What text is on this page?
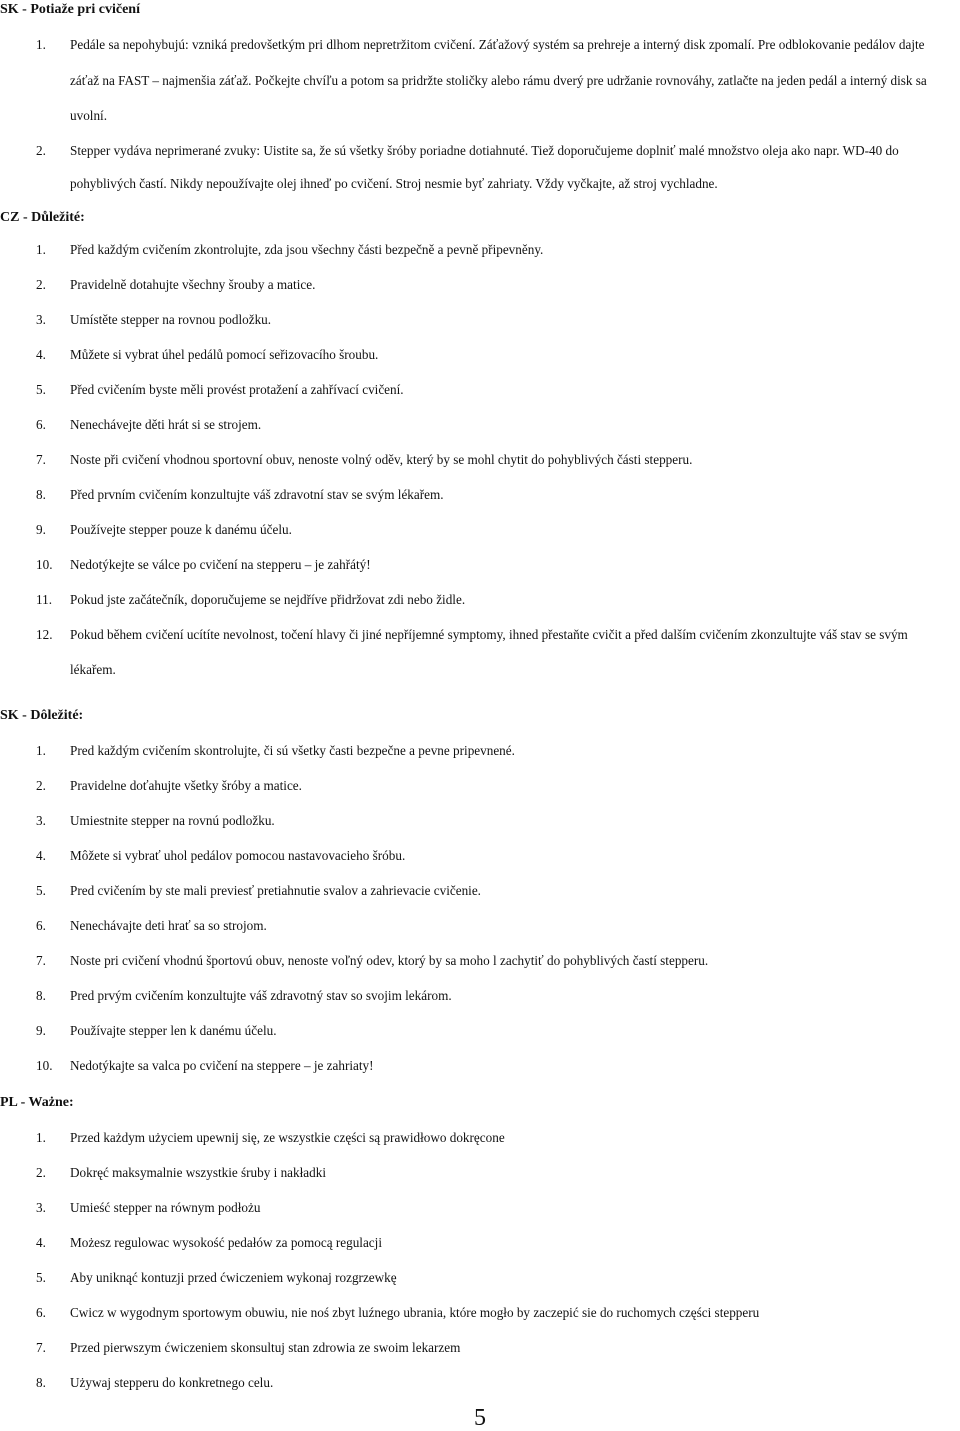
SK - Potiaže pri cvičení
1.	Pedále sa nepohybujú: vzniká predovšetkým pri dlhom nepretržitom cvičení. Záťažový systém sa prehreje a interný disk zpomalí. Pre odblokovanie pedálov dajte záťaž na FAST – najmenšia záťaž. Počkejte chvíľu a potom sa pridržte stoličky alebo rámu dverý pre udržanie rovnováhy, zatlačte na jeden pedál a interný disk sa uvolní.
2.	Stepper vydáva neprimerané zvuky: Uistite sa, že sú všetky šróby poriadne dotiahnuté. Tiež doporučujeme doplniť malé množstvo oleja ako napr. WD-40 do pohyblivých častí. Nikdy nepoužívajte olej ihneď po cvičení. Stroj nesmie byť zahriaty. Vždy vyčkajte, až stroj vychladne.
CZ - Důležité:
1.	Před každým cvičením zkontrolujte, zda jsou všechny části bezpečně a pevně připevněny.
2.	Pravidelně dotahujte všechny šrouby a matice.
3.	Umístěte stepper na rovnou podložku.
4.	Můžete si vybrat úhel pedálů pomocí seřizovacího šroubu.
5.	Před cvičením byste měli provést protažení a zahřívací cvičení.
6.	Nenechávejte děti hrát si se strojem.
7.	Noste při cvičení vhodnou sportovní obuv, nenoste volný oděv, který by se mohl chytit do pohyblivých části stepperu.
8.	Před prvním cvičením konzultujte váš zdravotní stav se svým lékařem.
9.	Používejte stepper pouze k danému účelu.
10.	Nedotýkejte se válce po cvičení na stepperu – je zahřátý!
11.	Pokud jste začátečník, doporučujeme se nejdříve přidržovat zdi nebo židle.
12.	Pokud během cvičení ucítíte nevolnost, točení hlavy či jiné nepříjemné symptomy, ihned přestaňte cvičit a před dalším cvičením zkonzultujte váš stav se svým lékařem.
SK - Dôležité:
1.	Pred každým cvičením skontrolujte, či sú všetky časti bezpečne a pevne pripevnené.
2.	Pravidelne doťahujte všetky šróby a matice.
3.	Umiestnite stepper na rovnú podložku.
4.	Môžete si vybrať uhol pedálov pomocou nastavovacieho šróbu.
5.	Pred cvičením by ste mali previesť pretiahnutie svalov a zahrievacie cvičenie.
6.	Nenechávajte deti hrať sa so strojom.
7.	Noste pri cvičení vhodnú športovú obuv, nenoste voľný odev, ktorý by sa moho l zachytiť do pohyblivých častí stepperu.
8.	Pred prvým cvičením konzultujte váš zdravotný stav so svojim lekárom.
9.	Používajte stepper len k danému účelu.
10.	Nedotýkajte sa valca po cvičení na steppere – je zahriaty!
PL - Ważne:
1.	Przed każdym użyciem upewnij się, ze wszystkie części są prawidłowo dokręcone
2.	Dokręć maksymalnie wszystkie śruby i nakładki
3.	Umieść stepper na równym podłożu
4.	Możesz regulowac wysokość pedałów za pomocą regulacji
5.	Aby uniknąć kontuzji przed ćwiczeniem wykonaj rozgrzewkę
6.	Cwicz w wygodnym sportowym obuwiu, nie noś zbyt luźnego ubrania, które mogło by zaczepić sie do ruchomych części stepperu
7.	Przed pierwszym ćwiczeniem skonsultuj stan zdrowia ze swoim lekarzem
8.	Używaj stepperu do konkretnego celu.
5
